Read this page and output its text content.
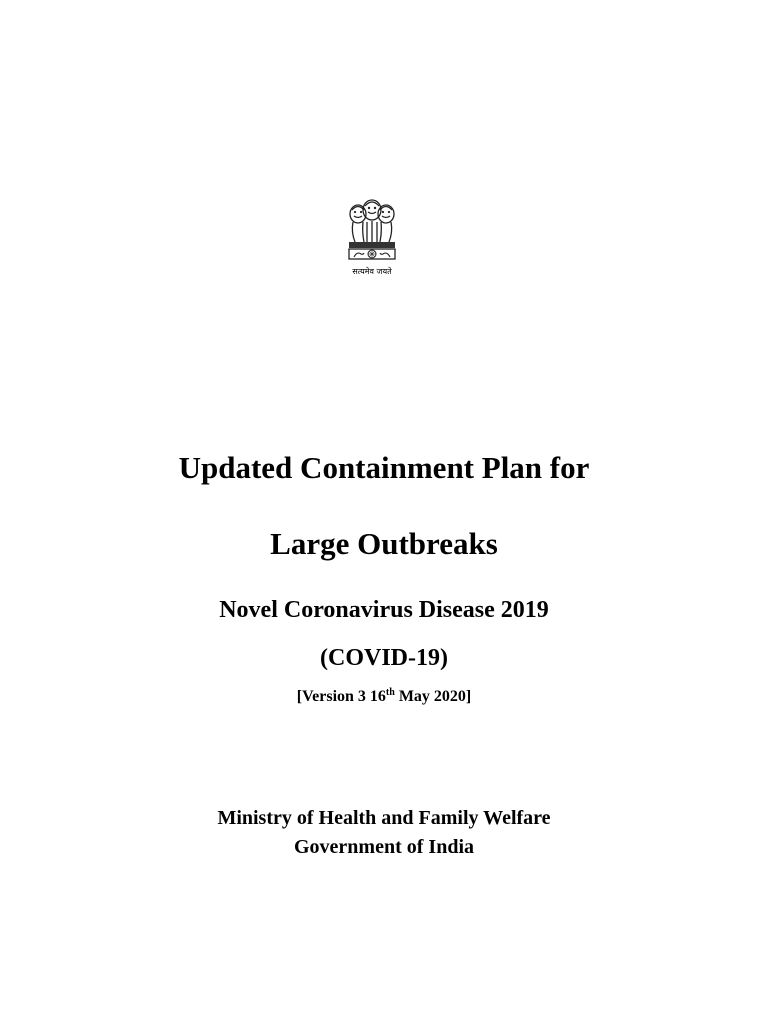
सत्यमेव जयते
Updated Containment Plan for
Large Outbreaks
Novel Coronavirus Disease 2019
(COVID-19)
[Version 3 16th May 2020]
Ministry of Health and Family Welfare
Government of India
